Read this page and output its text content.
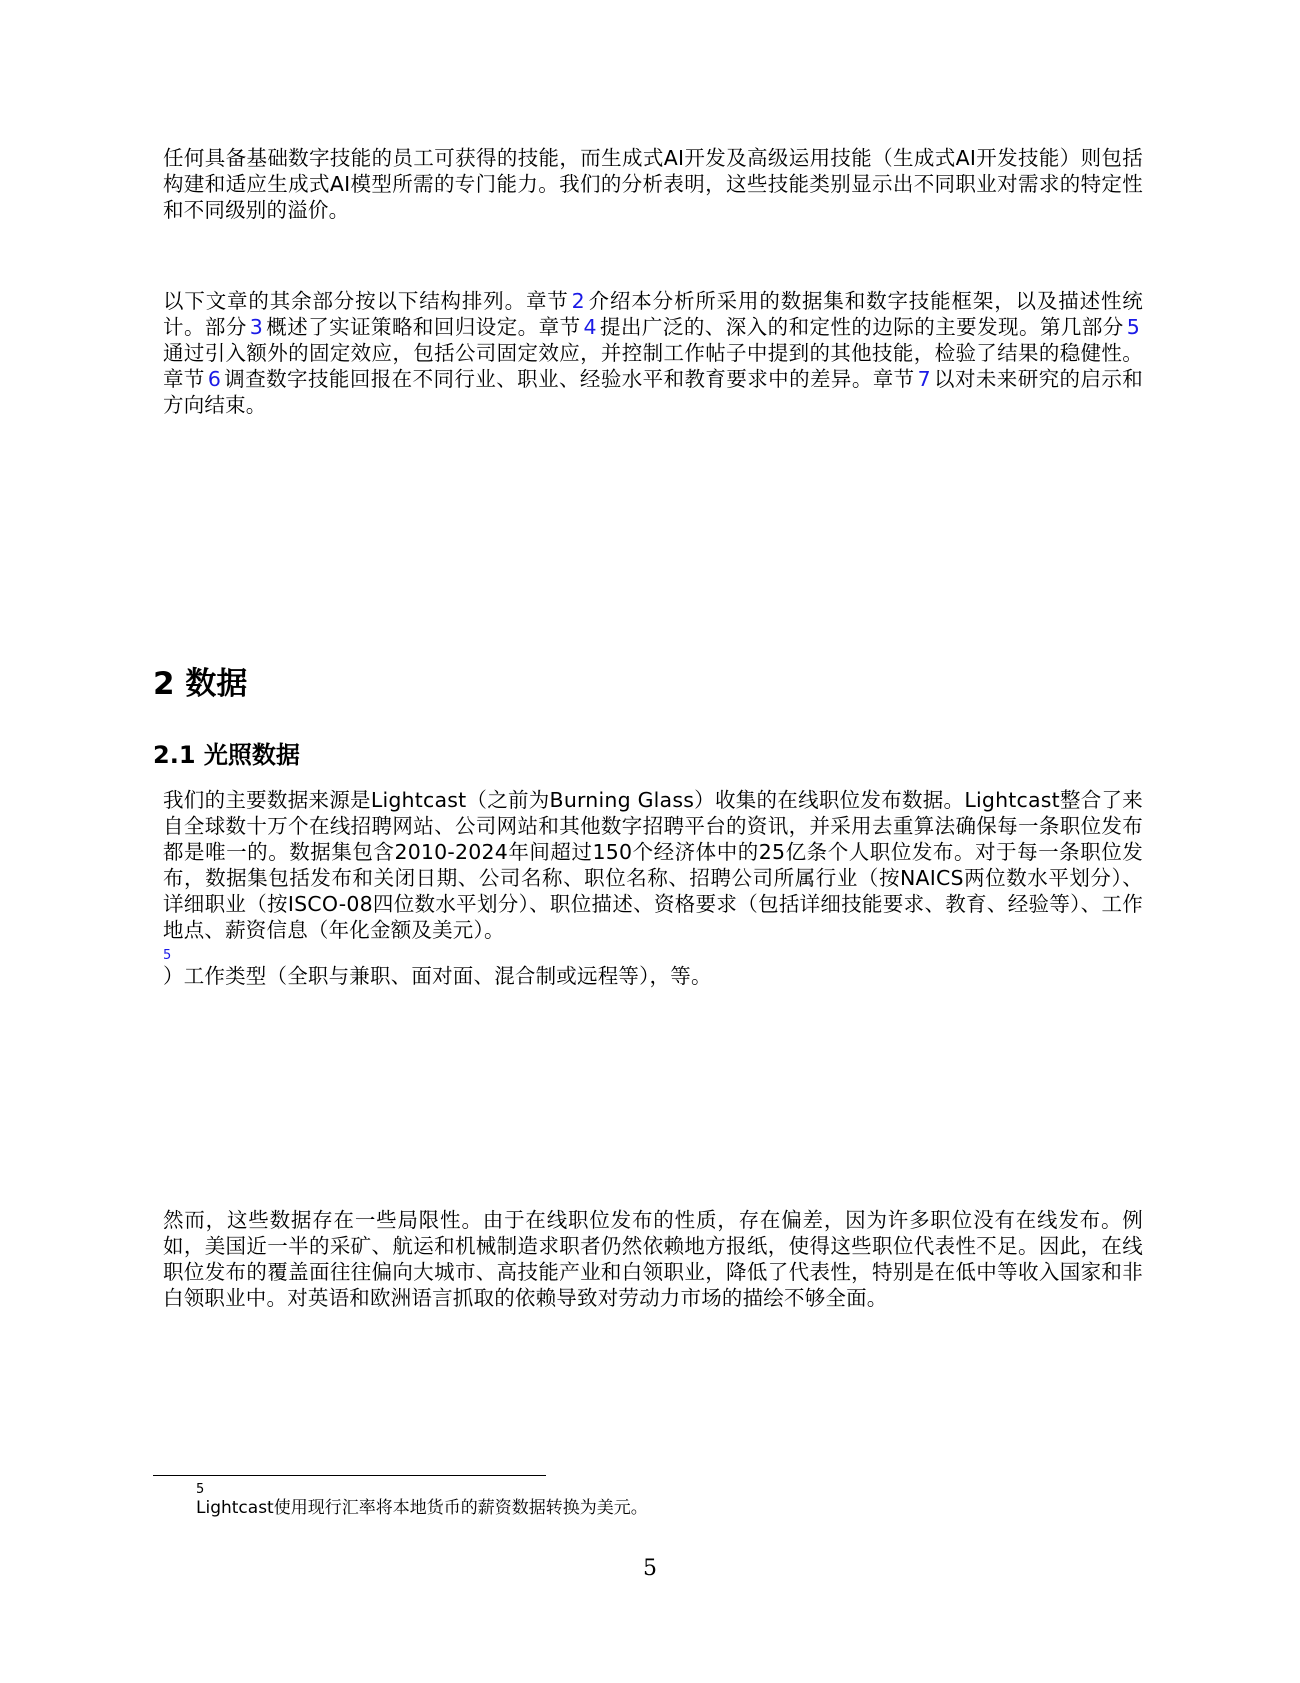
任何具备基础数字技能的员工可获得的技能，而生成式AI开发及高级运用技能（生成式AI开发技能）则包括构建和适应生成式AI模型所需的专门能力。我们的分析表明，这些技能类别显示出不同职业对需求的特定性和不同级别的溢价。

以下文章的其余部分按以下结构排列。章节 2 介绍本分析所采用的数据集和数字技能框架，以及描述性统计。部分 3 概述了实证策略和回归设定。章节 4 提出广泛的、深入的和定性的边际的主要发现。第几部分 5通过引入额外的固定效应，包括公司固定效应，并控制工作帖子中提到的其他技能，检验了结果的稳健性。章节 6 调查数字技能回报在不同行业、职业、经验水平和教育要求中的差异。章节 7 以对未来研究的启示和方向结束。

2 数据
2.1 光照数据

我们的主要数据来源是Lightcast（之前为Burning Glass）收集的在线职位发布数据。Lightcast整合了来自全球数十万个在线招聘网站、公司网站和其他数字招聘平台的资讯，并采用去重算法确保每一条职位发布都是唯一的。数据集包含2010-2024年间超过150个经济体中的25亿条个人职位发布。对于每一条职位发布，数据集包括发布和关闭日期、公司名称、职位名称、招聘公司所属行业（按NAICS两位数水平划分）、详细职业（按ISCO-08四位数水平划分）、职位描述、资格要求（包括详细技能要求、教育、经验等）、工作地点、薪资信息（年化金额及美元）。

5

）工作类型（全职与兼职、面对面、混合制或远程等），等。

然而，这些数据存在一些局限性。由于在线职位发布的性质，存在偏差，因为许多职位没有在线发布。例如，美国近一半的采矿、航运和机械制造求职者仍然依赖地方报纸，使得这些职位代表性不足。因此，在线职位发布的覆盖面往往偏向大城市、高技能产业和白领职业，降低了代表性，特别是在低中等收入国家和非白领职业中。对英语和欧洲语言抓取的依赖导致对劳动力市场的描绘不够全面。

5
Lightcast使用现行汇率将本地货币的薪资数据转换为美元。
5
